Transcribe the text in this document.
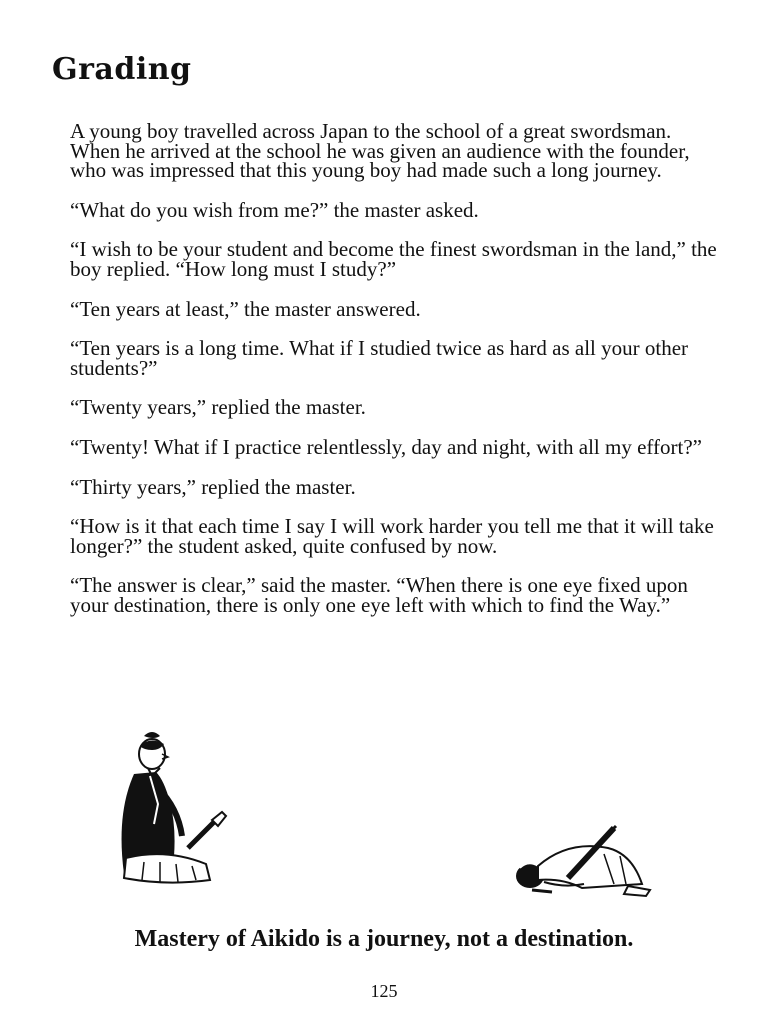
Grading

A young boy travelled across Japan to the school of a great swordsman. When he arrived at the school he was given an audience with the founder, who was impressed that this young boy had made such a long journey.

“What do you wish from me?” the master asked.

“I wish to be your student and become the finest swordsman in the land,” the boy replied. “How long must I study?”

“Ten years at least,” the master answered.

“Ten years is a long time. What if I studied twice as hard as all your other students?”

“Twenty years,” replied the master.

“Twenty! What if I practice relentlessly, day and night, with all my effort?”

“Thirty years,” replied the master.

“How is it that each time I say I will work harder you tell me that it will take longer?” the student asked, quite confused by now.

“The answer is clear,” said the master. “When there is one eye fixed upon your destination, there is only one eye left with which to find the Way.”

Mastery of Aikido is a journey, not a destination.

125
